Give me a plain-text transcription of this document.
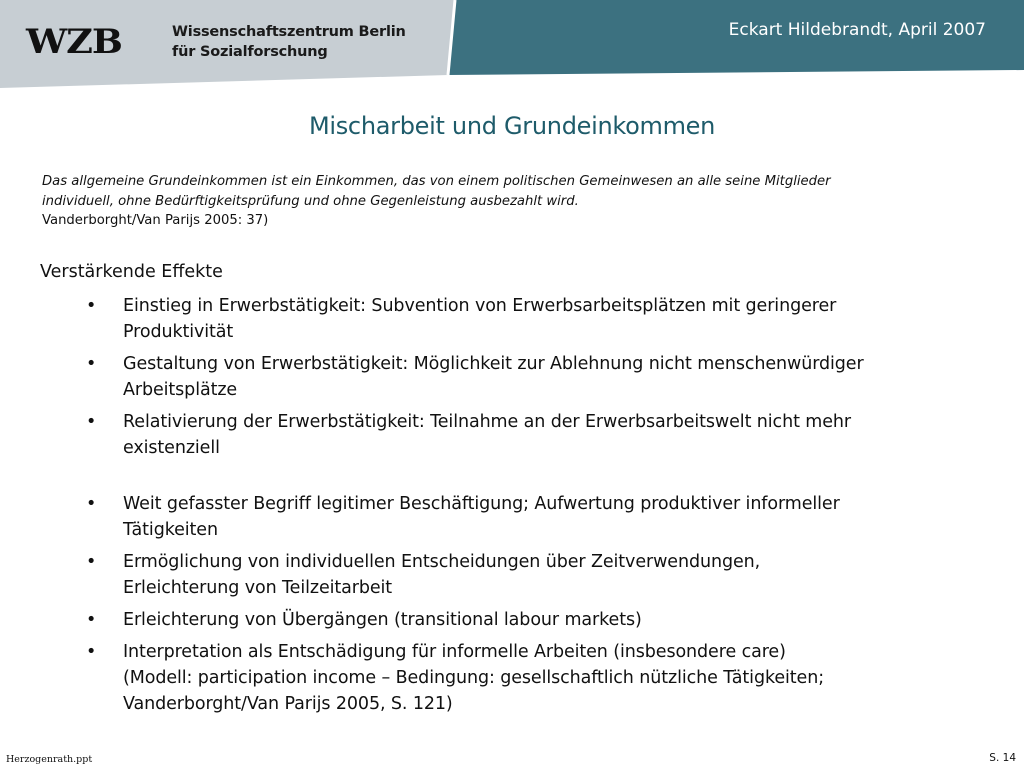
WZB	Wissenschaftszentrum Berlin
für Sozialforschung
Eckart Hildebrandt, April 2007
Mischarbeit und Grundeinkommen
Das allgemeine Grundeinkommen ist ein Einkommen, das von einem politischen Gemeinwesen an alle seine Mitglieder
individuell, ohne Bedürftigkeitsprüfung und ohne Gegenleistung ausbezahlt wird.
Vanderborght/Van Parijs 2005: 37)
Verstärkende Effekte
• Einstieg in Erwerbstätigkeit: Subvention von Erwerbsarbeitsplätzen mit geringerer
Produktivität
• Gestaltung von Erwerbstätigkeit: Möglichkeit zur Ablehnung nicht menschenwürdiger
Arbeitsplätze
• Relativierung der Erwerbstätigkeit: Teilnahme an der Erwerbsarbeitswelt nicht mehr
existenziell
• Weit gefasster Begriff legitimer Beschäftigung; Aufwertung produktiver informeller
Tätigkeiten
• Ermöglichung von individuellen Entscheidungen über Zeitverwendungen,
Erleichterung von Teilzeitarbeit
• Erleichterung von Übergängen (transitional labour markets)
• Interpretation als Entschädigung für informelle Arbeiten (insbesondere care)
(Modell: participation income – Bedingung: gesellschaftlich nützliche Tätigkeiten;
Vanderborght/Van Parijs 2005, S. 121)
Herzogenrath.ppt	S. 14
